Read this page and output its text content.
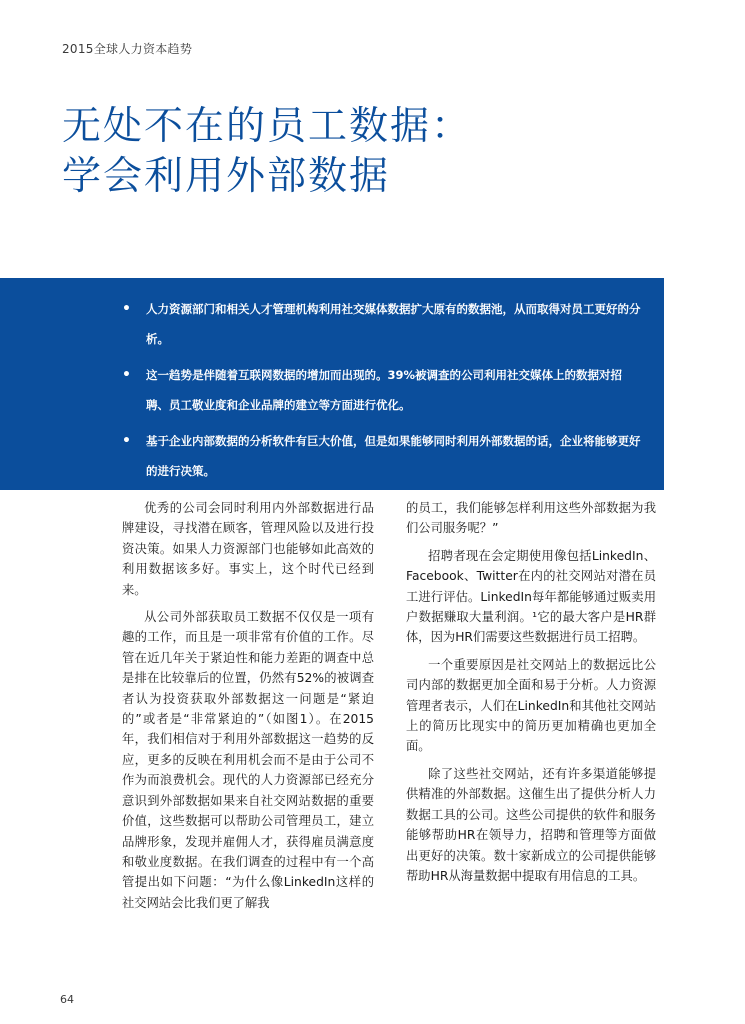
2015全球人力资本趋势
无处不在的员工数据：
学会利用外部数据
• 人力资源部门和相关人才管理机构利用社交媒体数据扩大原有的数据池，从而取得对员工更好的分析。
• 这一趋势是伴随着互联网数据的增加而出现的。39%被调查的公司利用社交媒体上的数据对招聘、员工敬业度和企业品牌的建立等方面进行优化。
• 基于企业内部数据的分析软件有巨大价值，但是如果能够同时利用外部数据的话，企业将能够更好的进行决策。

优秀的公司会同时利用内外部数据进行品牌建设，寻找潜在顾客，管理风险以及进行投资决策。如果人力资源部门也能够如此高效的利用数据该多好。事实上，这个时代已经到来。

从公司外部获取员工数据不仅仅是一项有趣的工作，而且是一项非常有价值的工作。尽管在近几年关于紧迫性和能力差距的调查中总是排在比较靠后的位置，仍然有52%的被调查者认为投资获取外部数据这一问题是“紧迫的”或者是“非常紧迫的”（如图1）。在2015年，我们相信对于利用外部数据这一趋势的反应，更多的反映在利用机会而不是由于公司不作为而浪费机会。现代的人力资源部已经充分意识到外部数据如果来自社交网站数据的重要价值，这些数据可以帮助公司管理员工，建立品牌形象，发现并雇佣人才，获得雇员满意度和敬业度数据。在我们调查的过程中有一个高管提出如下问题：“为什么像LinkedIn这样的社交网站会比我们更了解我

的员工，我们能够怎样利用这些外部数据为我们公司服务呢？”

招聘者现在会定期使用像包括LinkedIn、Facebook、Twitter在内的社交网站对潜在员工进行评估。LinkedIn每年都能够通过贩卖用户数据赚取大量利润。¹它的最大客户是HR群体，因为HR们需要这些数据进行员工招聘。

一个重要原因是社交网站上的数据远比公司内部的数据更加全面和易于分析。人力资源管理者表示，人们在LinkedIn和其他社交网站上的简历比现实中的简历更加精确也更加全面。

除了这些社交网站，还有许多渠道能够提供精准的外部数据。这催生出了提供分析人力数据工具的公司。这些公司提供的软件和服务能够帮助HR在领导力，招聘和管理等方面做出更好的决策。数十家新成立的公司提供能够帮助HR从海量数据中提取有用信息的工具。

64
